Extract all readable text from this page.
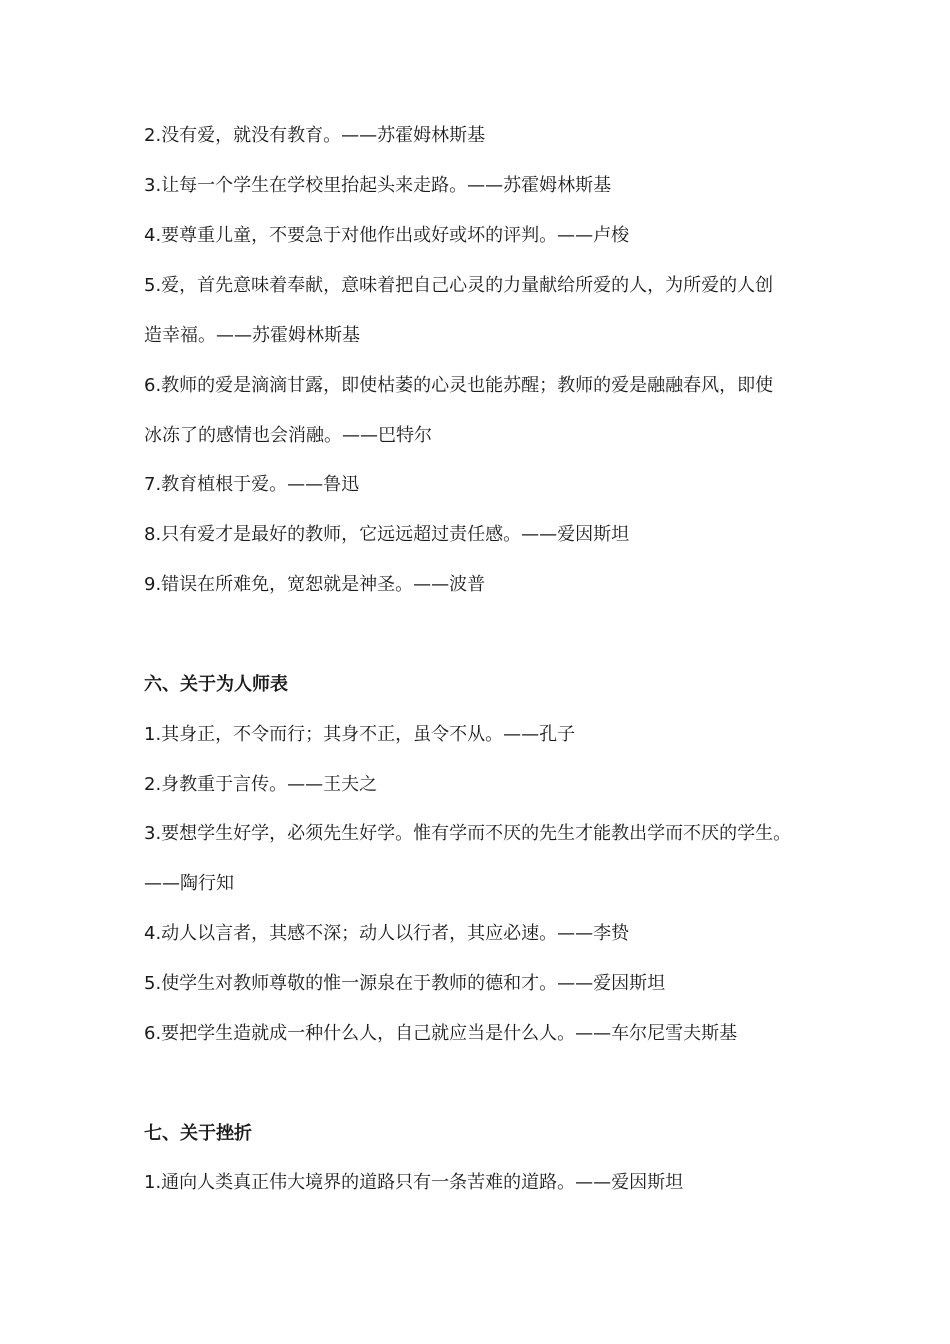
2.没有爱，就没有教育。——苏霍姆林斯基
3.让每一个学生在学校里抬起头来走路。——苏霍姆林斯基
4.要尊重儿童，不要急于对他作出或好或坏的评判。——卢梭
5.爱，首先意味着奉献，意味着把自己心灵的力量献给所爱的人，为所爱的人创
造幸福。——苏霍姆林斯基
6.教师的爱是滴滴甘露，即使枯萎的心灵也能苏醒；教师的爱是融融春风，即使
冰冻了的感情也会消融。——巴特尔
7.教育植根于爱。——鲁迅
8.只有爱才是最好的教师，它远远超过责任感。——爱因斯坦
9.错误在所难免，宽恕就是神圣。——波普
六、关于为人师表
1.其身正，不令而行；其身不正，虽令不从。——孔子
2.身教重于言传。——王夫之
3.要想学生好学，必须先生好学。惟有学而不厌的先生才能教出学而不厌的学生。
——陶行知
4.动人以言者，其感不深；动人以行者，其应必速。——李贽
5.使学生对教师尊敬的惟一源泉在于教师的德和才。——爱因斯坦
6.要把学生造就成一种什么人，自己就应当是什么人。——车尔尼雪夫斯基
七、关于挫折
1.通向人类真正伟大境界的道路只有一条苦难的道路。——爱因斯坦
